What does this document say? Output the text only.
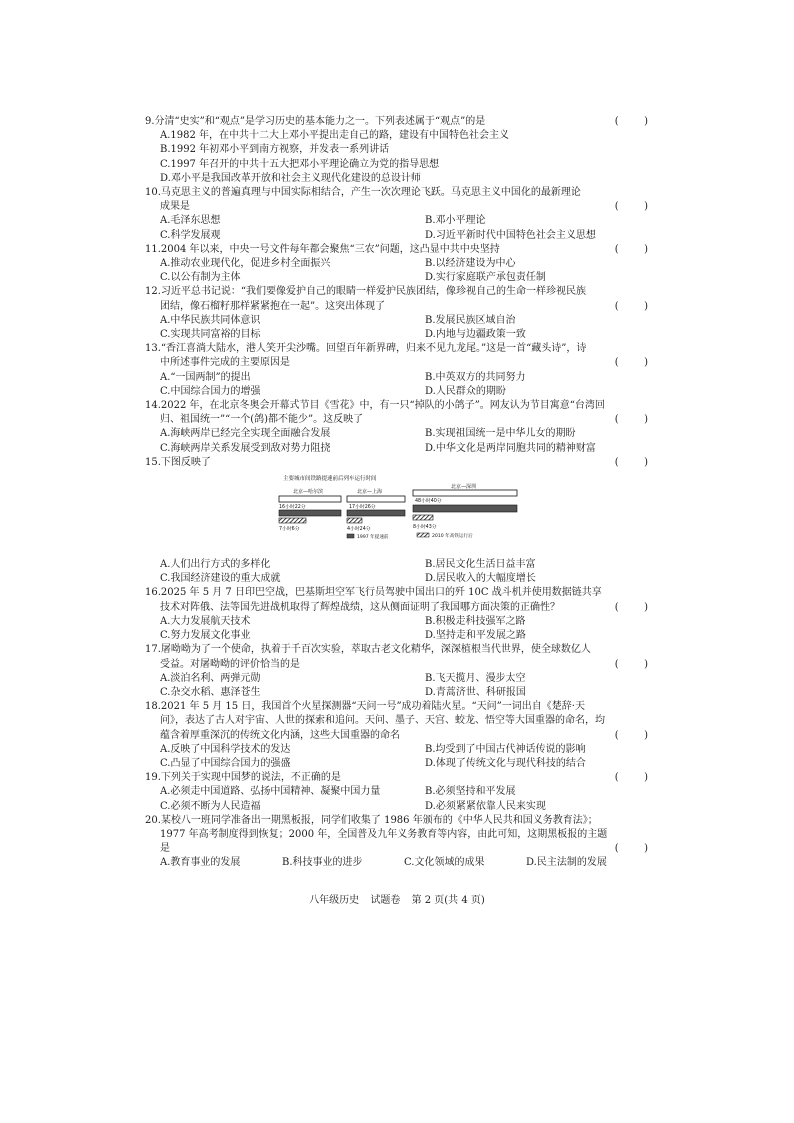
9.分清“史实”和“观点”是学习历史的基本能力之一。下列表述属于“观点”的是	(        )
A.1982 年，在中共十二大上邓小平提出走自己的路，建设有中国特色社会主义
B.1992 年初邓小平到南方视察，并发表一系列讲话
C.1997 年召开的中共十五大把邓小平理论确立为党的指导思想
D.邓小平是我国改革开放和社会主义现代化建设的总设计师
10.马克思主义的普遍真理与中国实际相结合，产生一次次理论飞跃。马克思主义中国化的最新理论
成果是	(        )
A.毛泽东思想	B.邓小平理论
C.科学发展观	D.习近平新时代中国特色社会主义思想
11.2004 年以来，中央一号文件每年都会聚焦“三农”问题，这凸显中共中央坚持	(        )
A.推动农业现代化，促进乡村全面振兴	B.以经济建设为中心
C.以公有制为主体	D.实行家庭联产承包责任制
12.习近平总书记说：“我们要像爱护自己的眼睛一样爱护民族团结，像珍视自己的生命一样珍视民族
团结，像石榴籽那样紧紧抱在一起”。这突出体现了	(        )
A.中华民族共同体意识	B.发展民族区域自治
C.实现共同富裕的目标	D.内地与边疆政策一致
13.“香江喜淌大陆水，港人笑开尖沙嘴。回望百年新界碑，归来不见九龙尾。”这是一首“藏头诗”，诗
中所述事件完成的主要原因是	(        )
A.“一国两制”的提出	B.中英双方的共同努力
C.中国综合国力的增强	D.人民群众的期盼
14.2022 年，在北京冬奥会开幕式节目《雪花》中，有一只“掉队的小鸽子”。网友认为节目寓意“台湾回
归、祖国统一”“一个(鸽)都不能少”。这反映了	(        )
A.海峡两岸已经完全实现全面融合发展	B.实现祖国统一是中华儿女的期盼
C.海峡两岸关系发展受到敌对势力阻挠	D.中华文化是两岸同胞共同的精神财富
15.下图反映了	(        )
主要城市间铁路提速前后列车运行时间
北京—哈尔滨
16小时22分
7小时6分
北京—上海
17小时26分
4小时24分
北京—深圳
48小时40分
8小时43分
1997 年提速前	2010 年高铁运行后
A.人们出行方式的多样化	B.居民文化生活日益丰富
C.我国经济建设的重大成就	D.居民收入的大幅度增长
16.2025 年 5 月 7 日印巴空战，巴基斯坦空军飞行员驾驶中国出口的歼 10C 战斗机并使用数据链共享
技术对阵俄、法等国先进战机取得了辉煌战绩，这从侧面证明了我国哪方面决策的正确性？	(        )
A.大力发展航天技术	B.积极走科技强军之路
C.努力发展文化事业	D.坚持走和平发展之路
17.屠呦呦为了一个使命，执着于千百次实验，萃取古老文化精华，深深植根当代世界，使全球数亿人
受益。对屠呦呦的评价恰当的是	(        )
A.淡泊名利、两弹元勋	B.飞天揽月、漫步太空
C.杂交水稻、惠泽苍生	D.青蒿济世、科研报国
18.2021 年 5 月 15 日，我国首个火星探测器“天问一号”成功着陆火星。“天问”一词出自《楚辞·天
问》，表达了古人对宇宙、人世的探索和追问。天问、墨子、天宫、蛟龙、悟空等大国重器的命名，均
蕴含着厚重深沉的传统文化内涵，这些大国重器的命名	(        )
A.反映了中国科学技术的发达	B.均受到了中国古代神话传说的影响
C.凸显了中国综合国力的强盛	D.体现了传统文化与现代科技的结合
19.下列关于实现中国梦的说法，不正确的是	(        )
A.必须走中国道路、弘扬中国精神、凝聚中国力量	B.必须坚持和平发展
C.必须不断为人民造福	D.必须紧紧依靠人民来实现
20.某校八一班同学准备出一期黑板报，同学们收集了 1986 年颁布的《中华人民共和国义务教育法》；
1977 年高考制度得到恢复；2000 年，全国普及九年义务教育等内容，由此可知，这期黑板报的主题
是	(        )
A.教育事业的发展	B.科技事业的进步	C.文化领域的成果	D.民主法制的发展
八年级历史 试题卷 第 2 页(共 4 页)
